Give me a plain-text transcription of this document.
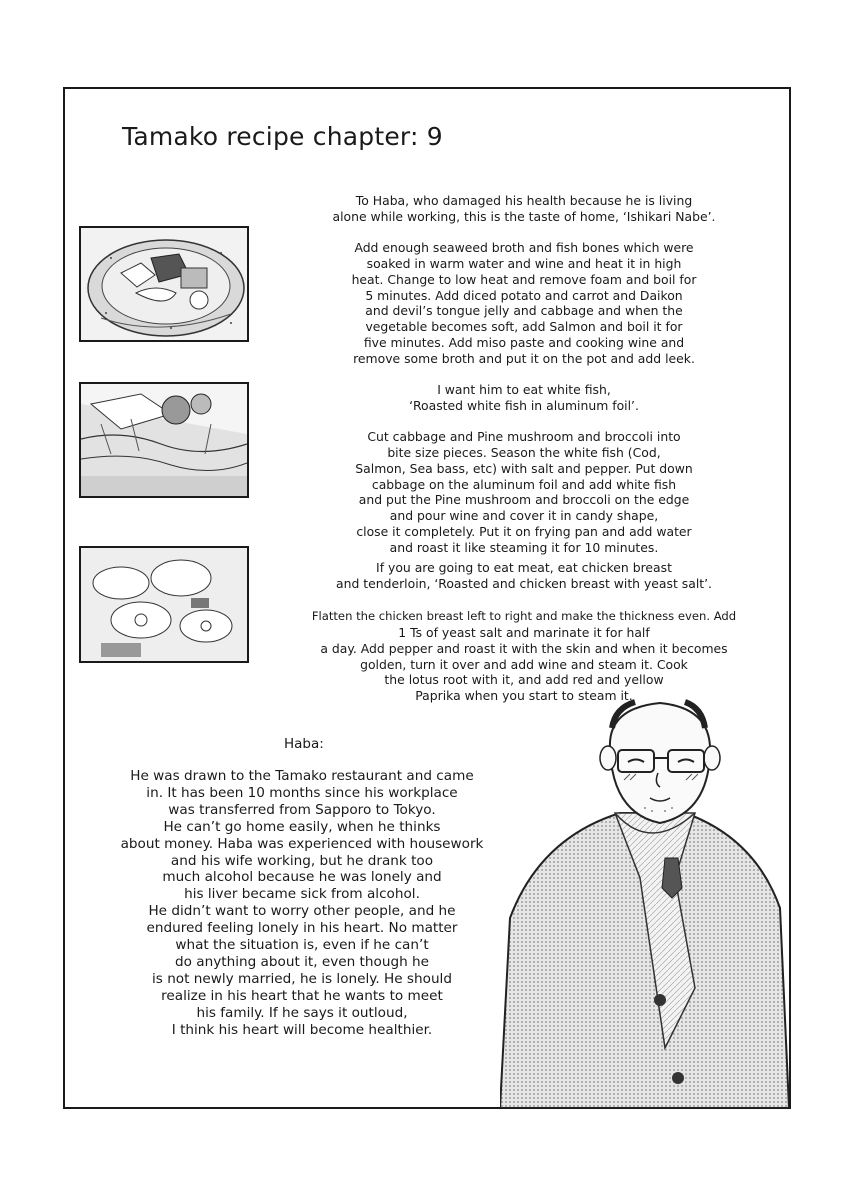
Tamako recipe chapter: 9

To Haba, who damaged his health because he is living

alone while working, this is the taste of home, ‘Ishikari Nabe’.

Add enough seaweed broth and fish bones which were

soaked in warm water and wine and heat it in high

heat. Change to low heat and remove foam and boil for

5 minutes. Add diced potato and carrot and Daikon

and devil’s tongue jelly and cabbage and when the

vegetable becomes soft, add Salmon and boil it for

five minutes. Add miso paste and cooking wine and

remove some broth and put it on the pot and add leek.

I want him to eat white fish,

‘Roasted white fish in aluminum foil’.

Cut cabbage and Pine mushroom and broccoli into

bite size pieces. Season the white fish (Cod,

Salmon, Sea bass, etc) with salt and pepper. Put down

cabbage on the aluminum foil and add white fish

and put the Pine mushroom and broccoli on the edge

and pour wine and cover it in candy shape,

close it completely. Put it on frying pan and add water

and roast it like steaming it for 10 minutes.

If you are going to eat meat, eat chicken breast

and tenderloin, ‘Roasted and chicken breast with yeast salt’.

Flatten the chicken breast left to right and make the thickness even. Add

1 Ts of yeast salt and marinate it for half

a day. Add pepper and roast it with the skin and when it becomes

golden, turn it over and add wine and steam it. Cook

the lotus root with it, and add red and yellow

Paprika when you start to steam it.

Haba:
He was drawn to the Tamako restaurant and came
in. It has been 10 months since his workplace
was transferred from Sapporo to Tokyo.
He can’t go home easily, when he thinks
about money. Haba was experienced with housework
and his wife working, but he drank too
much alcohol because he was lonely and
his liver became sick from alcohol.
He didn’t want to worry other people, and he
endured feeling lonely in his heart. No matter
what the situation is, even if he can’t
do anything about it, even though he
is not newly married, he is lonely. He should
realize in his heart that he wants to meet
his family. If he says it outloud,
I think his heart will become healthier.
